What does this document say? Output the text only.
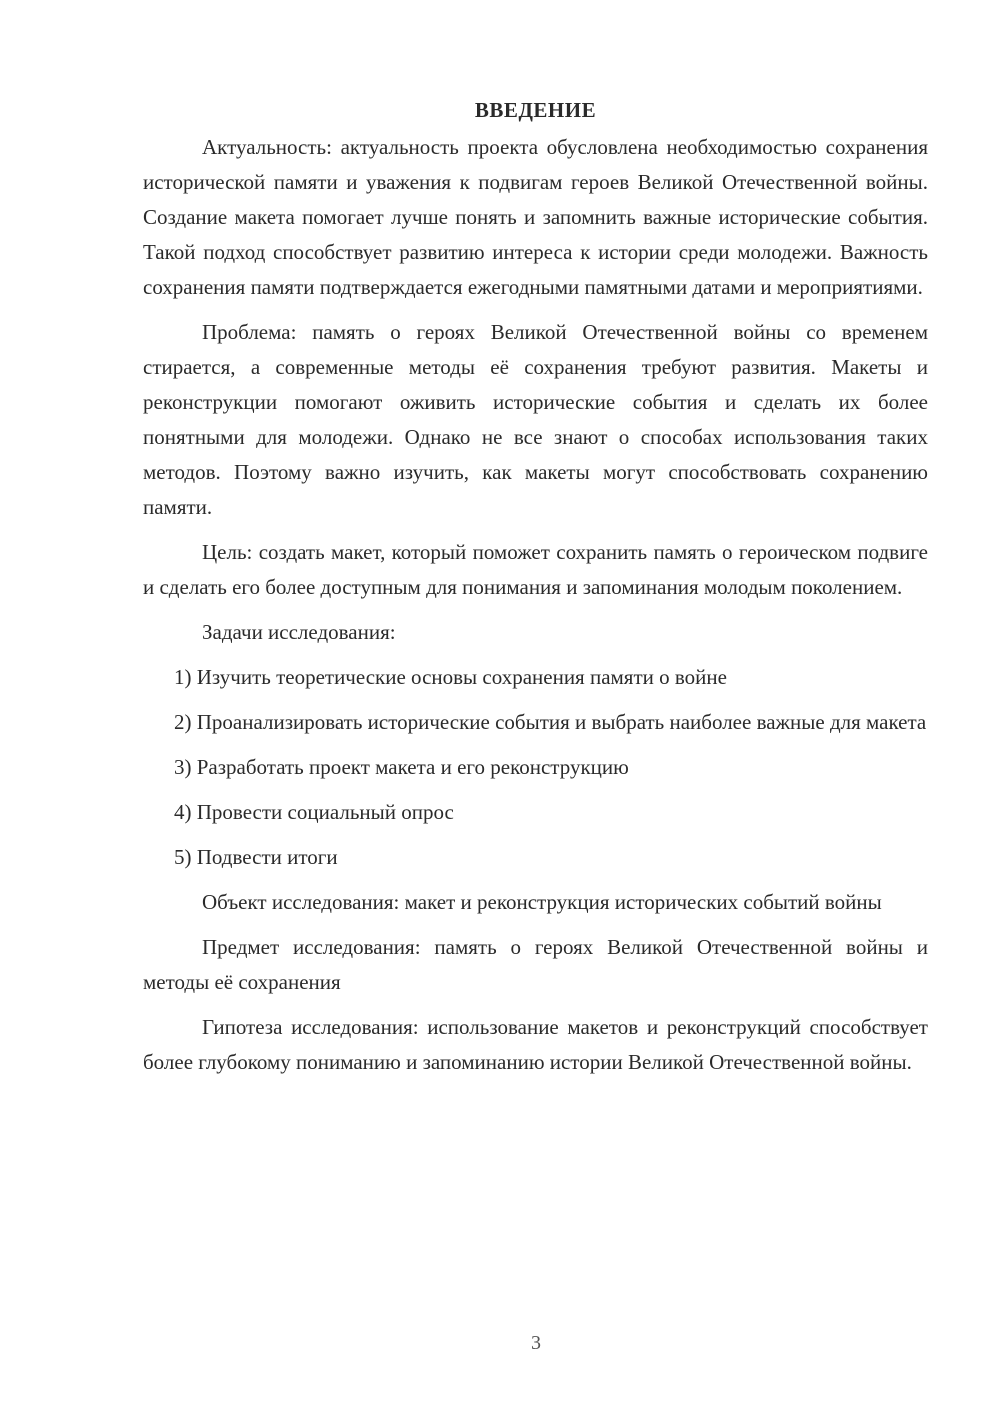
ВВЕДЕНИЕ

Актуальность: актуальность проекта обусловлена необходимостью сохранения исторической памяти и уважения к подвигам героев Великой Отечественной войны. Создание макета помогает лучше понять и запомнить важные исторические события. Такой подход способствует развитию интереса к истории среди молодежи. Важность сохранения памяти подтверждается ежегодными памятными датами и мероприятиями.

Проблема: память о героях Великой Отечественной войны со временем стирается, а современные методы её сохранения требуют развития. Макеты и реконструкции помогают оживить исторические события и сделать их более понятными для молодежи. Однако не все знают о способах использования таких методов. Поэтому важно изучить, как макеты могут способствовать сохранению памяти.

Цель: создать макет, который поможет сохранить память о героическом подвиге и сделать его более доступным для понимания и запоминания молодым поколением.

Задачи исследования:

1) Изучить теоретические основы сохранения памяти о войне

2) Проанализировать исторические события и выбрать наиболее важные для макета

3) Разработать проект макета и его реконструкцию

4) Провести социальный опрос

5) Подвести итоги

Объект исследования: макет и реконструкция исторических событий войны

Предмет исследования: память о героях Великой Отечественной войны и методы её сохранения

Гипотеза исследования: использование макетов и реконструкций способствует более глубокому пониманию и запоминанию истории Великой Отечественной войны.

3
